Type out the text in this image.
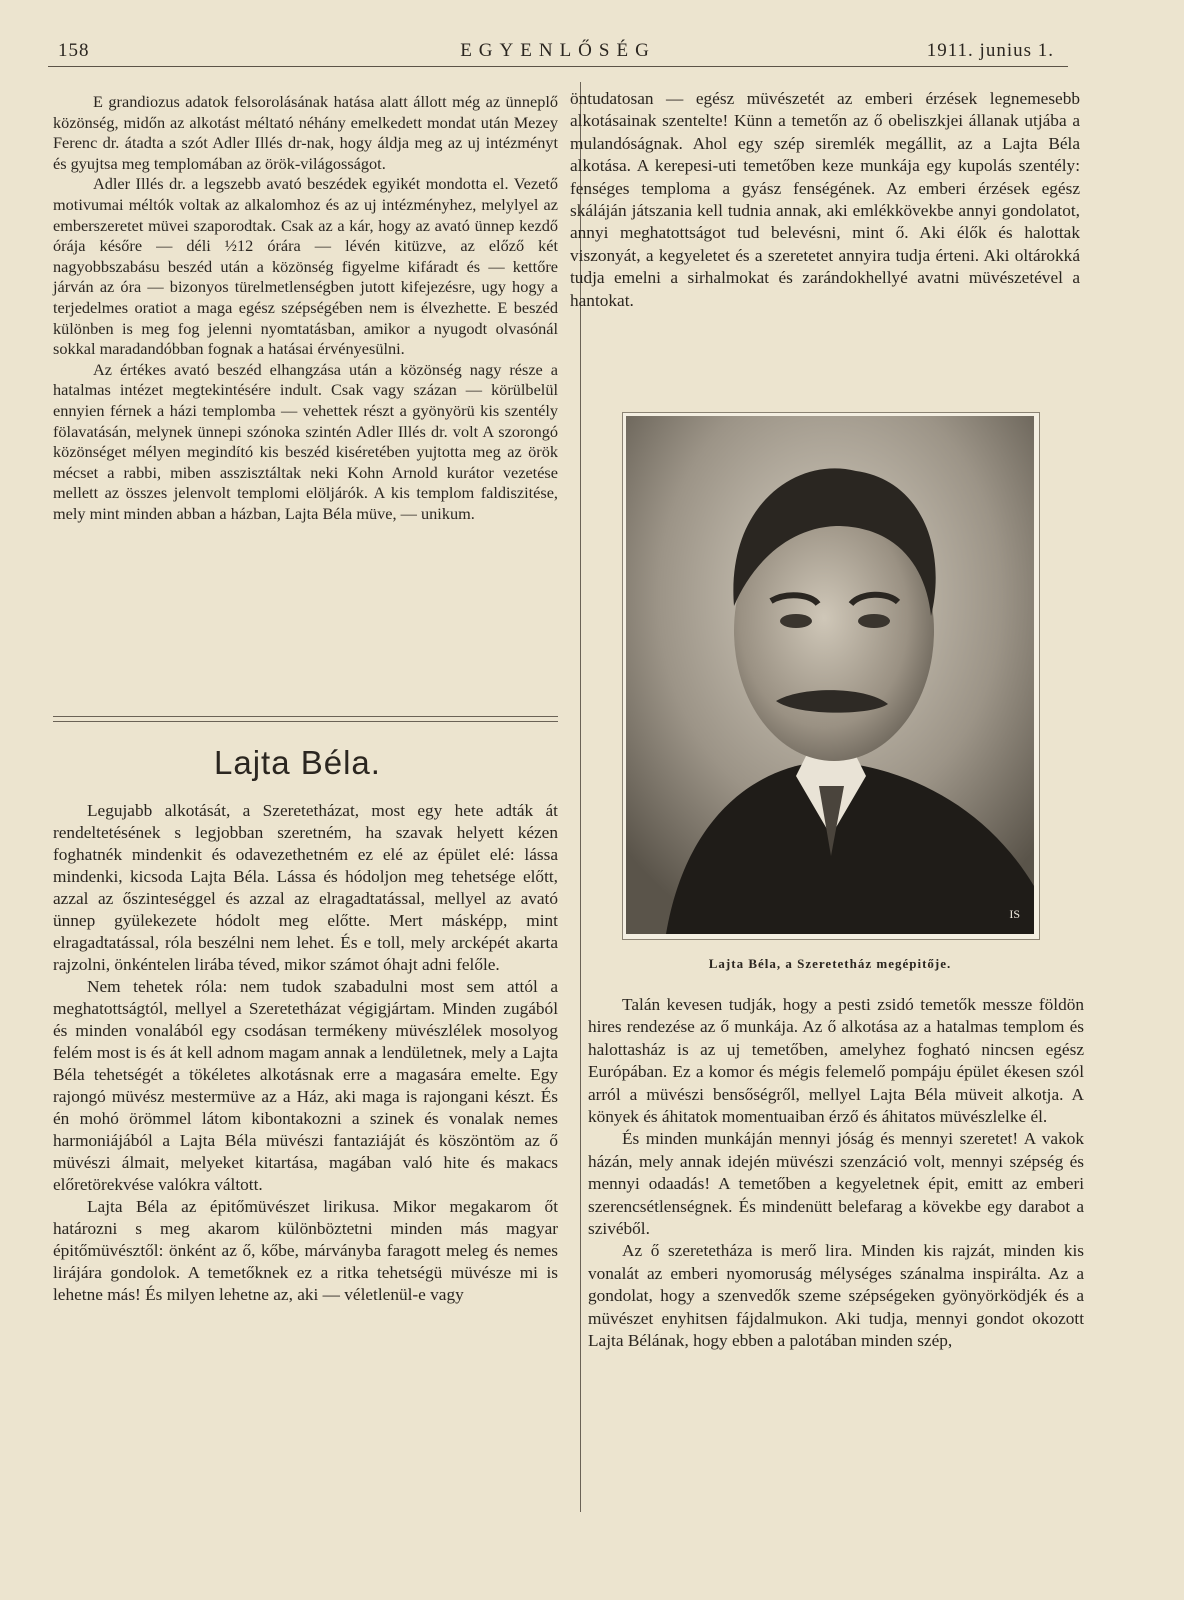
158	EGYENLŐSÉG	1911. junius 1.

E grandiozus adatok felsorolásának hatása alatt állott még az ünneplő közönség, midőn az alkotást méltató néhány emelkedett mondat után Mezey Ferenc dr. átadta a szót Adler Illés dr-nak, hogy áldja meg az uj intézményt és gyujtsa meg templomában az örök-világosságot.

Adler Illés dr. a legszebb avató beszédek egyikét mondotta el. Vezető motivumai méltók voltak az alkalomhoz és az uj intézményhez, melylyel az emberszeretet müvei szaporodtak. Csak az a kár, hogy az avató ünnep kezdő órája későre — déli ½12 órára — lévén kitüzve, az előző két nagyobbszabásu beszéd után a közönség figyelme kifáradt és — kettőre járván az óra — bizonyos türelmetlenségben jutott kifejezésre, ugy hogy a terjedelmes oratiot a maga egész szépségében nem is élvezhette. E beszéd különben is meg fog jelenni nyomtatásban, amikor a nyugodt olvasónál sokkal maradandóbban fognak a hatásai érvényesülni.

Az értékes avató beszéd elhangzása után a közönség nagy része a hatalmas intézet megtekintésére indult. Csak vagy százan — körülbelül ennyien férnek a házi templomba — vehettek részt a gyönyörü kis szentély fölavatásán, melynek ünnepi szónoka szintén Adler Illés dr. volt A szorongó közönséget mélyen megindító kis beszéd kiséretében yujtotta meg az örök mécset a rabbi, miben asszisztáltak neki Kohn Arnold kurátor vezetése mellett az összes jelenvolt templomi elöljárók. A kis templom faldiszitése, mely mint minden abban a házban, Lajta Béla müve, — unikum.

Lajta Béla.

Legujabb alkotását, a Szeretetházat, most egy hete adták át rendeltetésének s legjobban szeretném, ha szavak helyett kézen foghatnék mindenkit és odavezethetném ez elé az épület elé: lássa mindenki, kicsoda Lajta Béla. Lássa és hódoljon meg tehetsége előtt, azzal az őszinteséggel és azzal az elragadtatással, mellyel az avató ünnep gyülekezete hódolt meg előtte. Mert másképp, mint elragadtatással, róla beszélni nem lehet. És e toll, mely arcképét akarta rajzolni, önkéntelen lirába téved, mikor számot óhajt adni felőle.

Nem tehetek róla: nem tudok szabadulni most sem attól a meghatottságtól, mellyel a Szeretetházat végigjártam. Minden zugából és minden vonalából egy csodásan termékeny müvészlélek mosolyog felém most is és át kell adnom magam annak a lendületnek, mely a Lajta Béla tehetségét a tökéletes alkotásnak erre a magasára emelte. Egy rajongó müvész mestermüve az a Ház, aki maga is rajongani készt. És én mohó örömmel látom kibontakozni a szinek és vonalak nemes harmoniájából a Lajta Béla müvészi fantaziáját és köszöntöm az ő müvészi álmait, melyeket kitartása, magában való hite és makacs előretörekvése valókra váltott.

Lajta Béla az épitőmüvészet lirikusa. Mikor megakarom őt határozni s meg akarom különböztetni minden más magyar épitőmüvésztől: önként az ő, kőbe, márványba faragott meleg és nemes lirájára gondolok. A temetőknek ez a ritka tehetségü müvésze mi is lehetne más! És milyen lehetne az, aki — véletlenül-e vagy

öntudatosan — egész müvészetét az emberi érzések legnemesebb alkotásainak szentelte! Künn a temetőn az ő obeliszkjei állanak utjába a mulandóságnak. Ahol egy szép siremlék megállit, az a Lajta Béla alkotása. A kerepesi-uti temetőben keze munkája egy kupolás szentély: fenséges temploma a gyász fenségének. Az emberi érzések egész skáláján játszania kell tudnia annak, aki emlékkövekbe annyi gondolatot, annyi meghatottságot tud belevésni, mint ő. Aki élők és halottak viszonyát, a kegyeletet és a szeretetet annyira tudja érteni. Aki oltárokká tudja emelni a sirhalmokat és zarándokhellyé avatni müvészetével a hantokat.

IS
Lajta Béla, a Szeretetház megépitője.

Talán kevesen tudják, hogy a pesti zsidó temetők messze földön hires rendezése az ő munkája. Az ő alkotása az a hatalmas templom és halottasház is az uj temetőben, amelyhez fogható nincsen egész Európában. Ez a komor és mégis felemelő pompáju épület ékesen szól arról a müvészi bensőségről, mellyel Lajta Béla müveit alkotja. A könyek és áhitatok momentuaiban érző és áhitatos müvészlelke él.

És minden munkáján mennyi jóság és mennyi szeretet! A vakok házán, mely annak idején müvészi szenzáció volt, mennyi szépség és mennyi odaadás! A temetőben a kegyeletnek épit, emitt az emberi szerencsétlenségnek. És mindenütt belefarag a kövekbe egy darabot a szivéből.

Az ő szeretetháza is merő lira. Minden kis rajzát, minden kis vonalát az emberi nyomoruság mélységes szánalma inspirálta. Az a gondolat, hogy a szenvedők szeme szépségeken gyönyörködjék és a müvészet enyhitsen fájdalmukon. Aki tudja, mennyi gondot okozott Lajta Bélának, hogy ebben a palotában minden szép,
